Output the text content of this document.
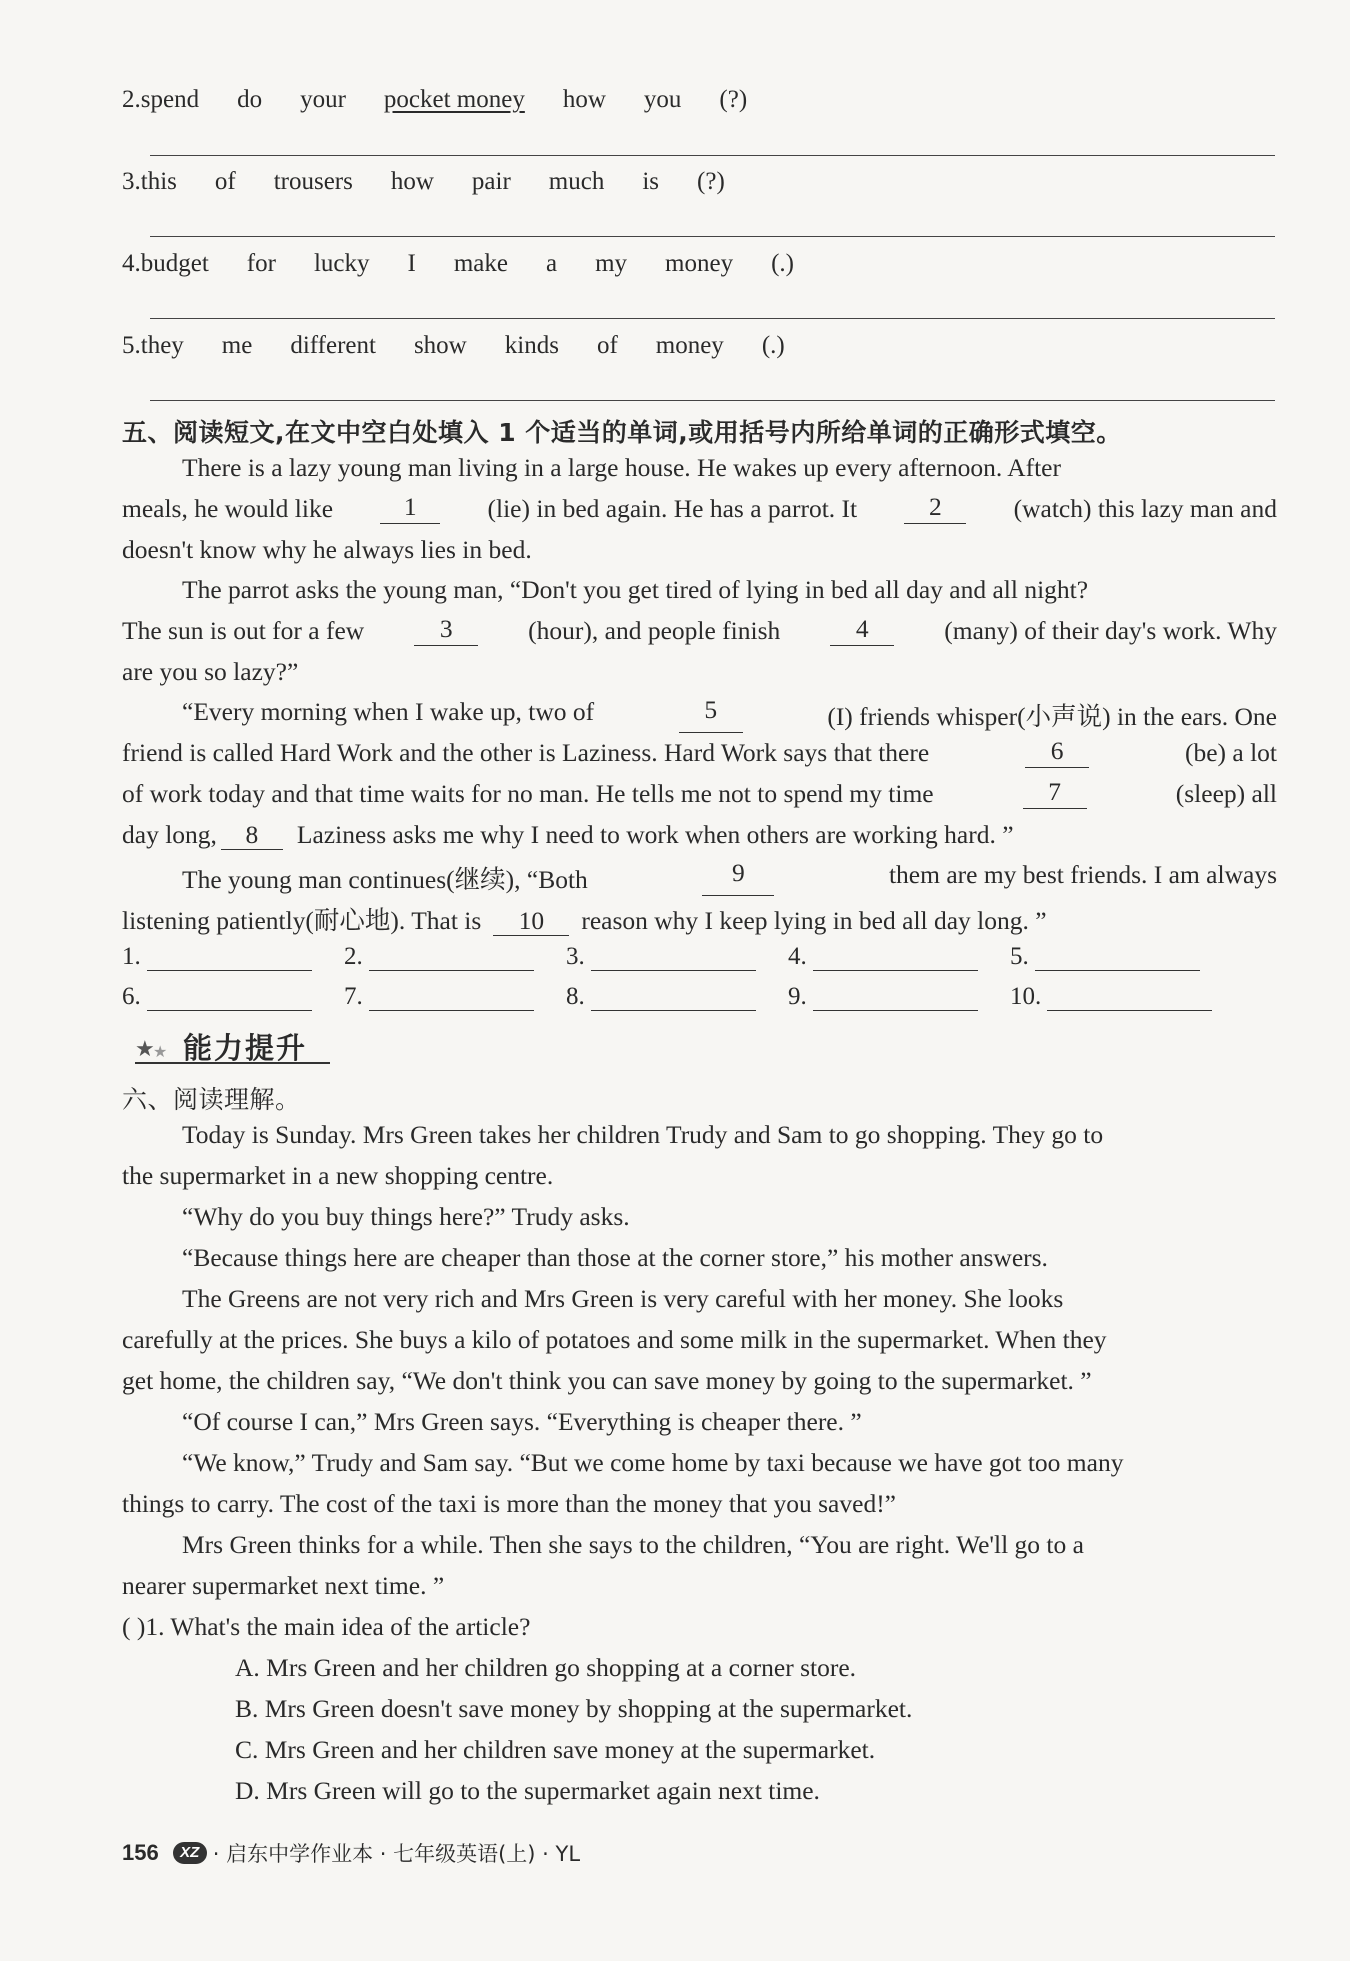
2.spend do your pocket money how you (?)
3.this of trousers how pair much is (?)
4.budget for lucky I make a my money (.)
5.they me different show kinds of money (.)
五、阅读短文,在文中空白处填入 1 个适当的单词,或用括号内所给单词的正确形式填空。
There is a lazy young man living in a large house. He wakes up every afternoon. After
meals, he would like	1	(lie) in bed again. He has a parrot. It	2	(watch) this lazy man and
doesn't know why he always lies in bed.
The parrot asks the young man, “Don't you get tired of lying in bed all day and all night?
The sun is out for a few	3	(hour), and people finish	4	(many) of their day's work. Why
are you so lazy?”
“Every morning when I wake up, two of	5	(I) friends whisper(小声说) in the ears. One
friend is called Hard Work and the other is Laziness. Hard Work says that there	6	(be) a lot
of work today and that time waits for no man. He tells me not to spend my time	7	(sleep) all
day long, 8 Laziness asks me why I need to work when others are working hard. ”
The young man continues(继续), “Both	9	them are my best friends. I am always
listening patiently(耐心地). That is 10 reason why I keep lying in bed all day long. ”
1.	2.	3.	4.	5.
6.	7.	8.	9.	10.
★
★ 能力提升
六、阅读理解。
Today is Sunday. Mrs Green takes her children Trudy and Sam to go shopping. They go to
the supermarket in a new shopping centre.
“Why do you buy things here?” Trudy asks.
“Because things here are cheaper than those at the corner store,” his mother answers.
The Greens are not very rich and Mrs Green is very careful with her money. She looks
carefully at the prices. She buys a kilo of potatoes and some milk in the supermarket. When they
get home, the children say, “We don't think you can save money by going to the supermarket. ”
“Of course I can,” Mrs Green says. “Everything is cheaper there. ”
“We know,” Trudy and Sam say. “But we come home by taxi because we have got too many
things to carry. The cost of the taxi is more than the money that you saved!”
Mrs Green thinks for a while. Then she says to the children, “You are right. We'll go to a
nearer supermarket next time. ”
( )1. What's the main idea of the article?
A. Mrs Green and her children go shopping at a corner store.
B. Mrs Green doesn't save money by shopping at the supermarket.
C. Mrs Green and her children save money at the supermarket.
D. Mrs Green will go to the supermarket again next time.
156	XZ · 启东中学作业本 · 七年级英语(上) · YL
